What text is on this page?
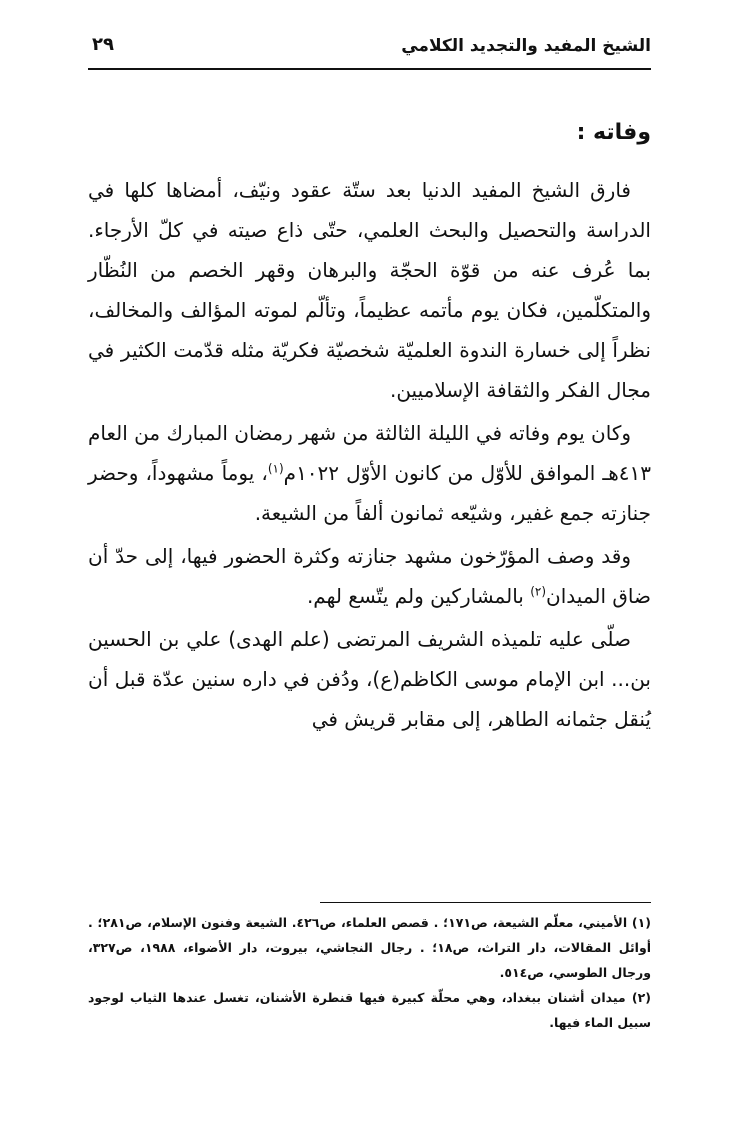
الشيخ المفيد والتجديد الكلامي
٢٩
وفاته :

فارق الشيخ المفيد الدنيا بعد ستّة عقود ونيّف، أمضاها كلها في الدراسة والتحصيل والبحث العلمي، حتّى ذاع صيته في كلّ الأرجاء. بما عُرف عنه من قوّة الحجّة والبرهان وقهر الخصم من النُظّار والمتكلّمين، فكان يوم مأتمه عظيماً، وتألّم لموته المؤالف والمخالف، نظراً إلى خسارة الندوة العلميّة شخصيّة فكريّة مثله قدّمت الكثير في مجال الفكر والثقافة الإسلاميين.

وكان يوم وفاته في الليلة الثالثة من شهر رمضان المبارك من العام ٤١٣هـ الموافق للأوّل من كانون الأوّل ١٠٢٢م$^{(١)}$، يوماً مشهوداً، وحضر جنازته جمع غفير، وشيّعه ثمانون ألفاً من الشيعة.

وقد وصف المؤرّخون مشهد جنازته وكثرة الحضور فيها، إلى حدّ أن ضاق الميدان$^{(٢)}$ بالمشاركين ولم يتّسع لهم.

صلّى عليه تلميذه الشريف المرتضى (علم الهدى) علي بن الحسين بن... ابن الإمام موسى الكاظم(ع)، ودُفن في داره سنين عدّة قبل أن يُنقل جثمانه الطاهر، إلى مقابر قريش في

(١) الأميني، معلّم الشيعة، ص١٧١؛ . قصص العلماء، ص٤٢٦. الشيعة وفنون الإسلام، ص٢٨١؛ . أوائل المقالات، دار التراث، ص١٨؛ . رجال النجاشي، بيروت، دار الأضواء، ١٩٨٨، ص٣٢٧، ورجال الطوسي، ص٥١٤.

(٢) ميدان أشنان ببغداد، وهي محلّة كبيرة فيها قنطرة الأشنان، تغسل عندها الثياب لوجود سبيل الماء فيها.
